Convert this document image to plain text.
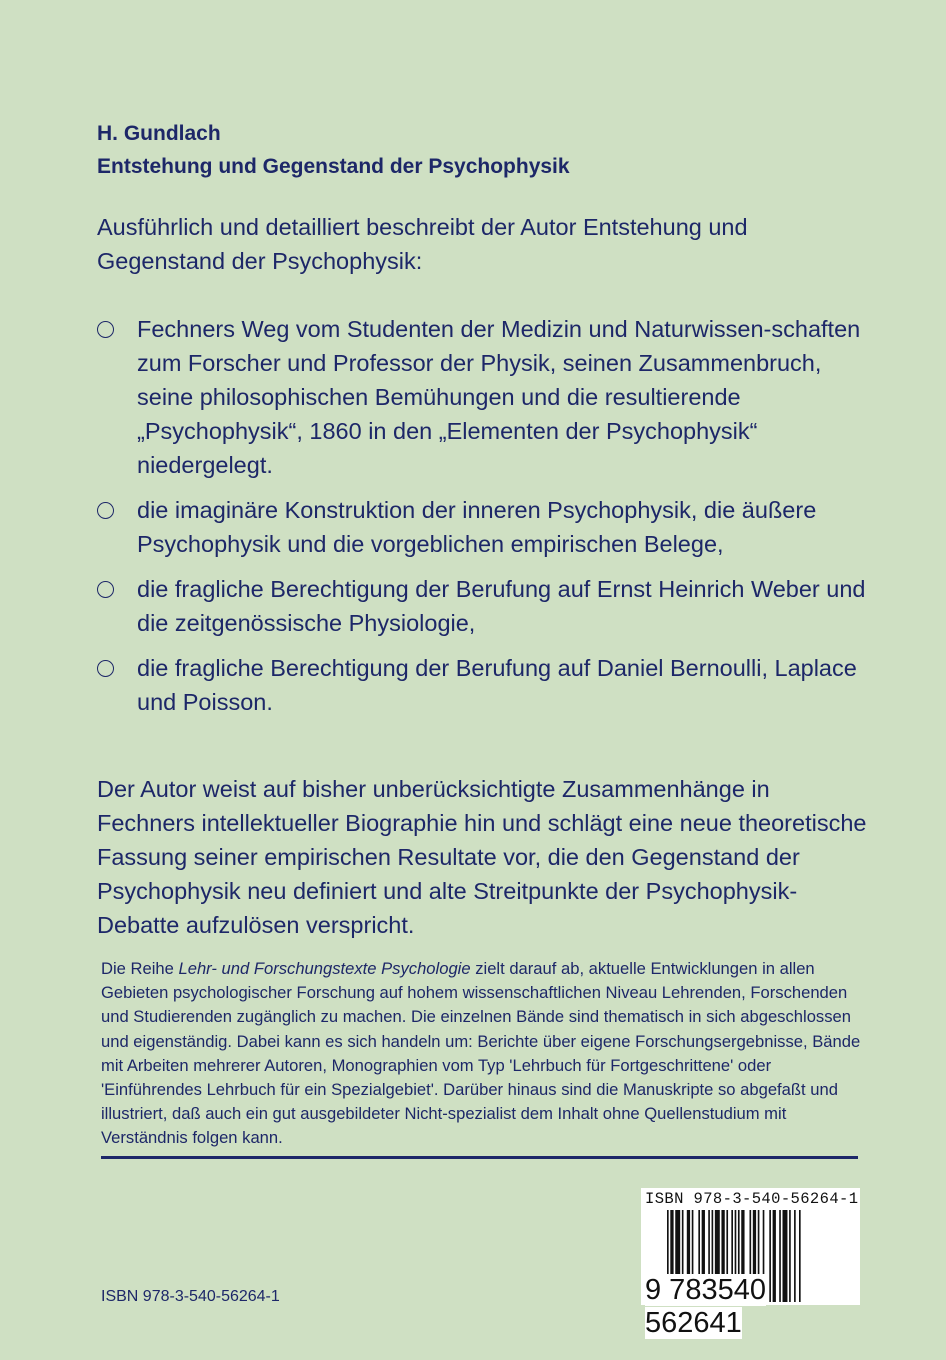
H. Gundlach
Entstehung und Gegenstand der Psychophysik
Ausführlich und detailliert beschreibt der Autor Entstehung und Gegenstand der Psychophysik:
Fechners Weg vom Studenten der Medizin und Naturwissen-schaften zum Forscher und Professor der Physik, seinen Zusammenbruch, seine philosophischen Bemühungen und die resultierende „Psychophysik“, 1860 in den „Elementen der Psychophysik“ niedergelegt.
die imaginäre Konstruktion der inneren Psychophysik, die äußere Psychophysik und die vorgeblichen empirischen Belege,
die fragliche Berechtigung der Berufung auf Ernst Heinrich Weber und die zeitgenössische Physiologie,
die fragliche Berechtigung der Berufung auf Daniel Bernoulli, Laplace und Poisson.
Der Autor weist auf bisher unberücksichtigte Zusammenhänge in Fechners intellektueller Biographie hin und schlägt eine neue theoretische Fassung seiner empirischen Resultate vor, die den Gegenstand der Psychophysik neu definiert und alte Streitpunkte der Psychophysik-Debatte aufzulösen verspricht.
Die Reihe Lehr- und Forschungstexte Psychologie zielt darauf ab, aktuelle Entwicklungen in allen Gebieten psychologischer Forschung auf hohem wissenschaftlichen Niveau Lehrenden, Forschenden und Studierenden zugänglich zu machen. Die einzelnen Bände sind thematisch in sich abgeschlossen und eigenständig. Dabei kann es sich handeln um: Berichte über eigene Forschungsergebnisse, Bände mit Arbeiten mehrerer Autoren, Monographien vom Typ 'Lehrbuch für Fortgeschrittene' oder 'Einführendes Lehrbuch für ein Spezialgebiet'. Darüber hinaus sind die Manuskripte so abgefaßt und illustriert, daß auch ein gut ausgebildeter Nicht-spezialist dem Inhalt ohne Quellenstudium mit Verständnis folgen kann.
ISBN 978-3-540-56264-1
ISBN 978-3-540-56264-1
9 783540 562641
